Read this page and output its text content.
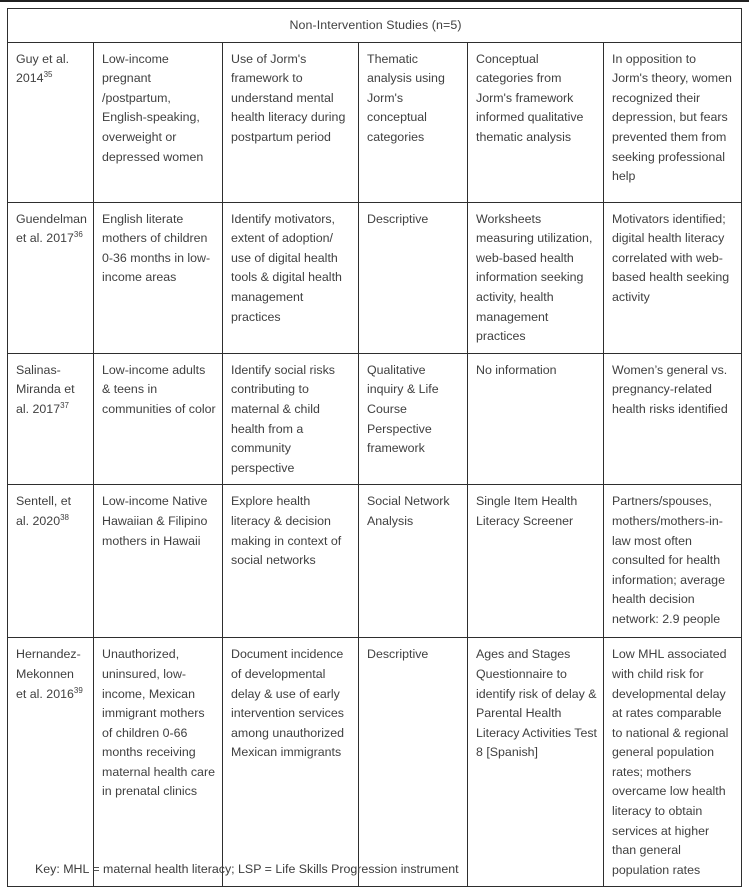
Non-Intervention Studies (n=5)					
Guy et al. 2014$^{35}$	Low-income pregnant /postpartum, English-speaking, overweight or depressed women	Use of Jorm's framework to understand mental health literacy during postpartum period	Thematic analysis using Jorm's conceptual categories	Conceptual categories from Jorm's framework informed qualitative thematic analysis	In opposition to Jorm's theory, women recognized their depression, but fears prevented them from seeking professional help
Guendelman et al. 2017$^{36}$	English literate mothers of children 0-36 months in low-income areas	Identify motivators, extent of adoption/ use of digital health tools & digital health management practices	Descriptive	Worksheets measuring utilization, web-based health information seeking activity, health management practices	Motivators identified; digital health literacy correlated with web-based health seeking activity
Salinas-Miranda et al. 2017$^{37}$	Low-income adults & teens in communities of color	Identify social risks contributing to maternal & child health from a community perspective	Qualitative inquiry & Life Course Perspective framework	No information	Women’s general vs. pregnancy-related health risks identified
Sentell, et al. 2020$^{38}$	Low-income Native Hawaiian & Filipino mothers in Hawaii	Explore health literacy & decision making in context of social networks	Social Network Analysis	Single Item Health Literacy Screener	Partners/spouses, mothers/mothers-in-law most often consulted for health information; average health decision network: 2.9 people
Hernandez-Mekonnen et al. 2016$^{39}$	Unauthorized, uninsured, low-income, Mexican immigrant mothers of children 0-66 months receiving maternal health care in prenatal clinics	Document incidence of developmental delay & use of early intervention services among unauthorized Mexican immigrants	Descriptive	Ages and Stages Questionnaire to identify risk of delay & Parental Health Literacy Activities Test 8 [Spanish]	Low MHL associated with child risk for developmental delay at rates comparable to national & regional general population rates; mothers overcame low health literacy to obtain services at higher than general population rates
Key: MHL = maternal health literacy; LSP = Life Skills Progression instrument
